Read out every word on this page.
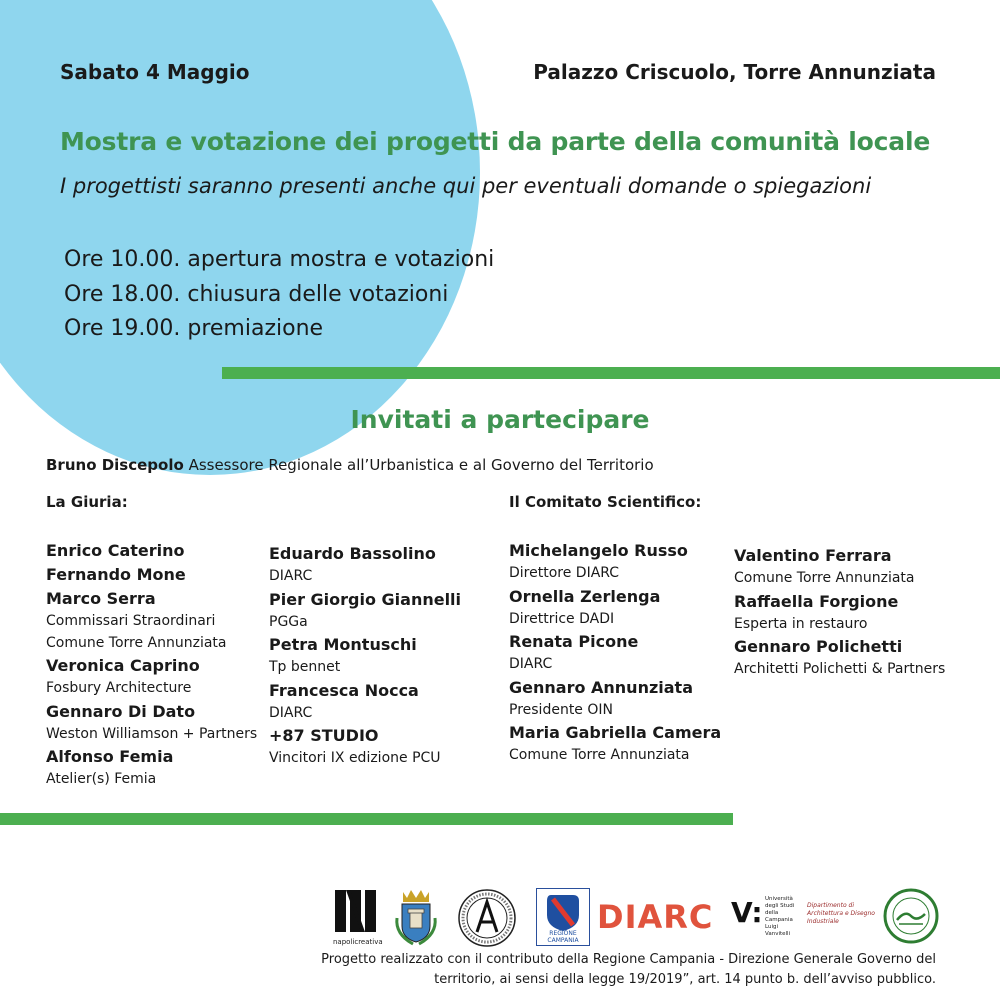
Sabato 4 Maggio	Palazzo Criscuolo, Torre Annunziata
Mostra e votazione dei progetti da parte della comunità locale
I progettisti saranno presenti anche qui per eventuali domande o spiegazioni
Ore 10.00. apertura mostra e votazioni
Ore 18.00. chiusura delle votazioni
Ore 19.00. premiazione
Invitati a partecipare
Bruno Discepolo Assessore Regionale all’Urbanistica e al Governo del Territorio
La Giuria:	Il Comitato Scientifico:
Enrico Caterino
Fernando Mone
Marco Serra
Commissari Straordinari
Comune Torre Annunziata
Veronica Caprino
Fosbury Architecture
Gennaro Di Dato
Weston Williamson + Partners
Alfonso Femia
Atelier(s) Femia
Eduardo Bassolino
DIARC
Pier Giorgio Giannelli
PGGa
Petra Montuschi
Tp bennet
Francesca Nocca
DIARC
+87 STUDIO
Vincitori IX edizione PCU
Michelangelo Russo
Direttore DIARC
Ornella Zerlenga
Direttrice DADI
Renata Picone
DIARC
Gennaro Annunziata
Presidente OIN
Maria Gabriella Camera
Comune Torre Annunziata
Valentino Ferrara
Comune Torre Annunziata
Raffaella Forgione
Esperta in restauro
Gennaro Polichetti
Architetti Polichetti & Partners
napolicreativa
REGIONE CAMPANIA
DIARC V: Università degli Studi della Campania Luigi Vanvitelli
Dipartimento di Architettura e Disegno Industriale
Progetto realizzato con il contributo della Regione Campania - Direzione Generale Governo del
territorio, ai sensi della legge 19/2019”, art. 14 punto b. dell’avviso pubblico.
